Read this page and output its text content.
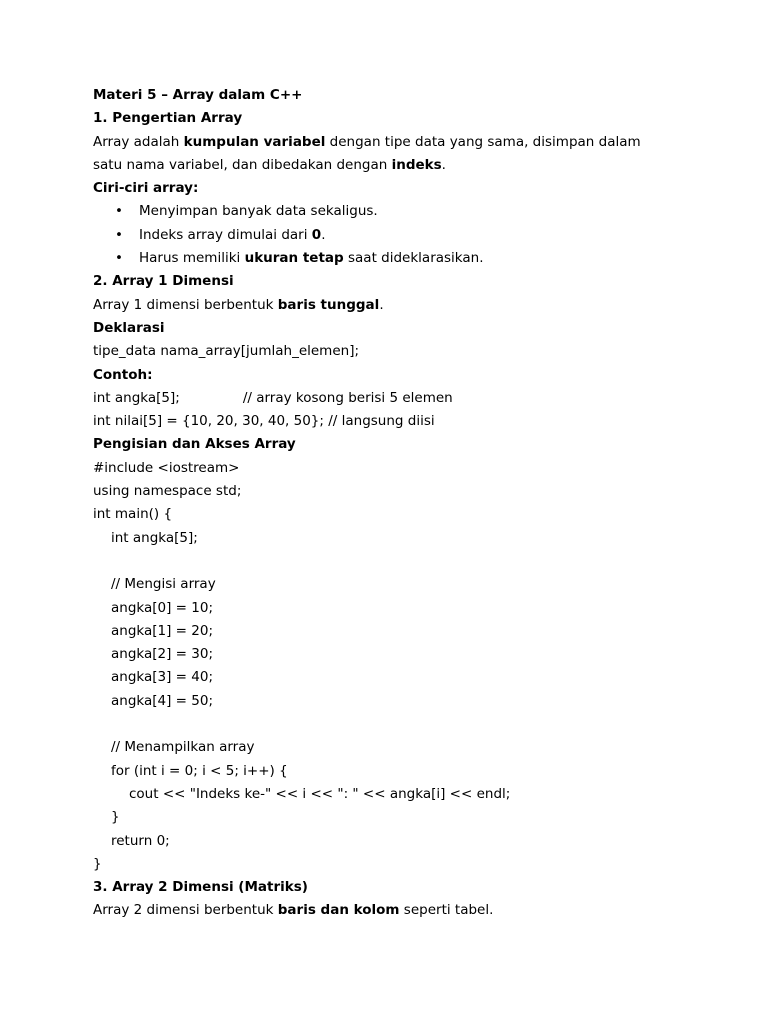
Materi 5 – Array dalam C++
1. Pengertian Array
Array adalah kumpulan variabel dengan tipe data yang sama, disimpan dalam
satu nama variabel, dan dibedakan dengan indeks.
Ciri-ciri array:
• Menyimpan banyak data sekaligus.
• Indeks array dimulai dari 0.
• Harus memiliki ukuran tetap saat dideklarasikan.
2. Array 1 Dimensi
Array 1 dimensi berbentuk baris tunggal.
Deklarasi
tipe_data nama_array[jumlah_elemen];
Contoh:
int angka[5];	// array kosong berisi 5 elemen
int nilai[5] = {10, 20, 30, 40, 50}; // langsung diisi
Pengisian dan Akses Array
#include <iostream>
using namespace std;
int main() {
int angka[5];
// Mengisi array
angka[0] = 10;
angka[1] = 20;
angka[2] = 30;
angka[3] = 40;
angka[4] = 50;
// Menampilkan array
for (int i = 0; i < 5; i++) {
cout << "Indeks ke-" << i << ": " << angka[i] << endl;
}
return 0;
}
3. Array 2 Dimensi (Matriks)
Array 2 dimensi berbentuk baris dan kolom seperti tabel.
